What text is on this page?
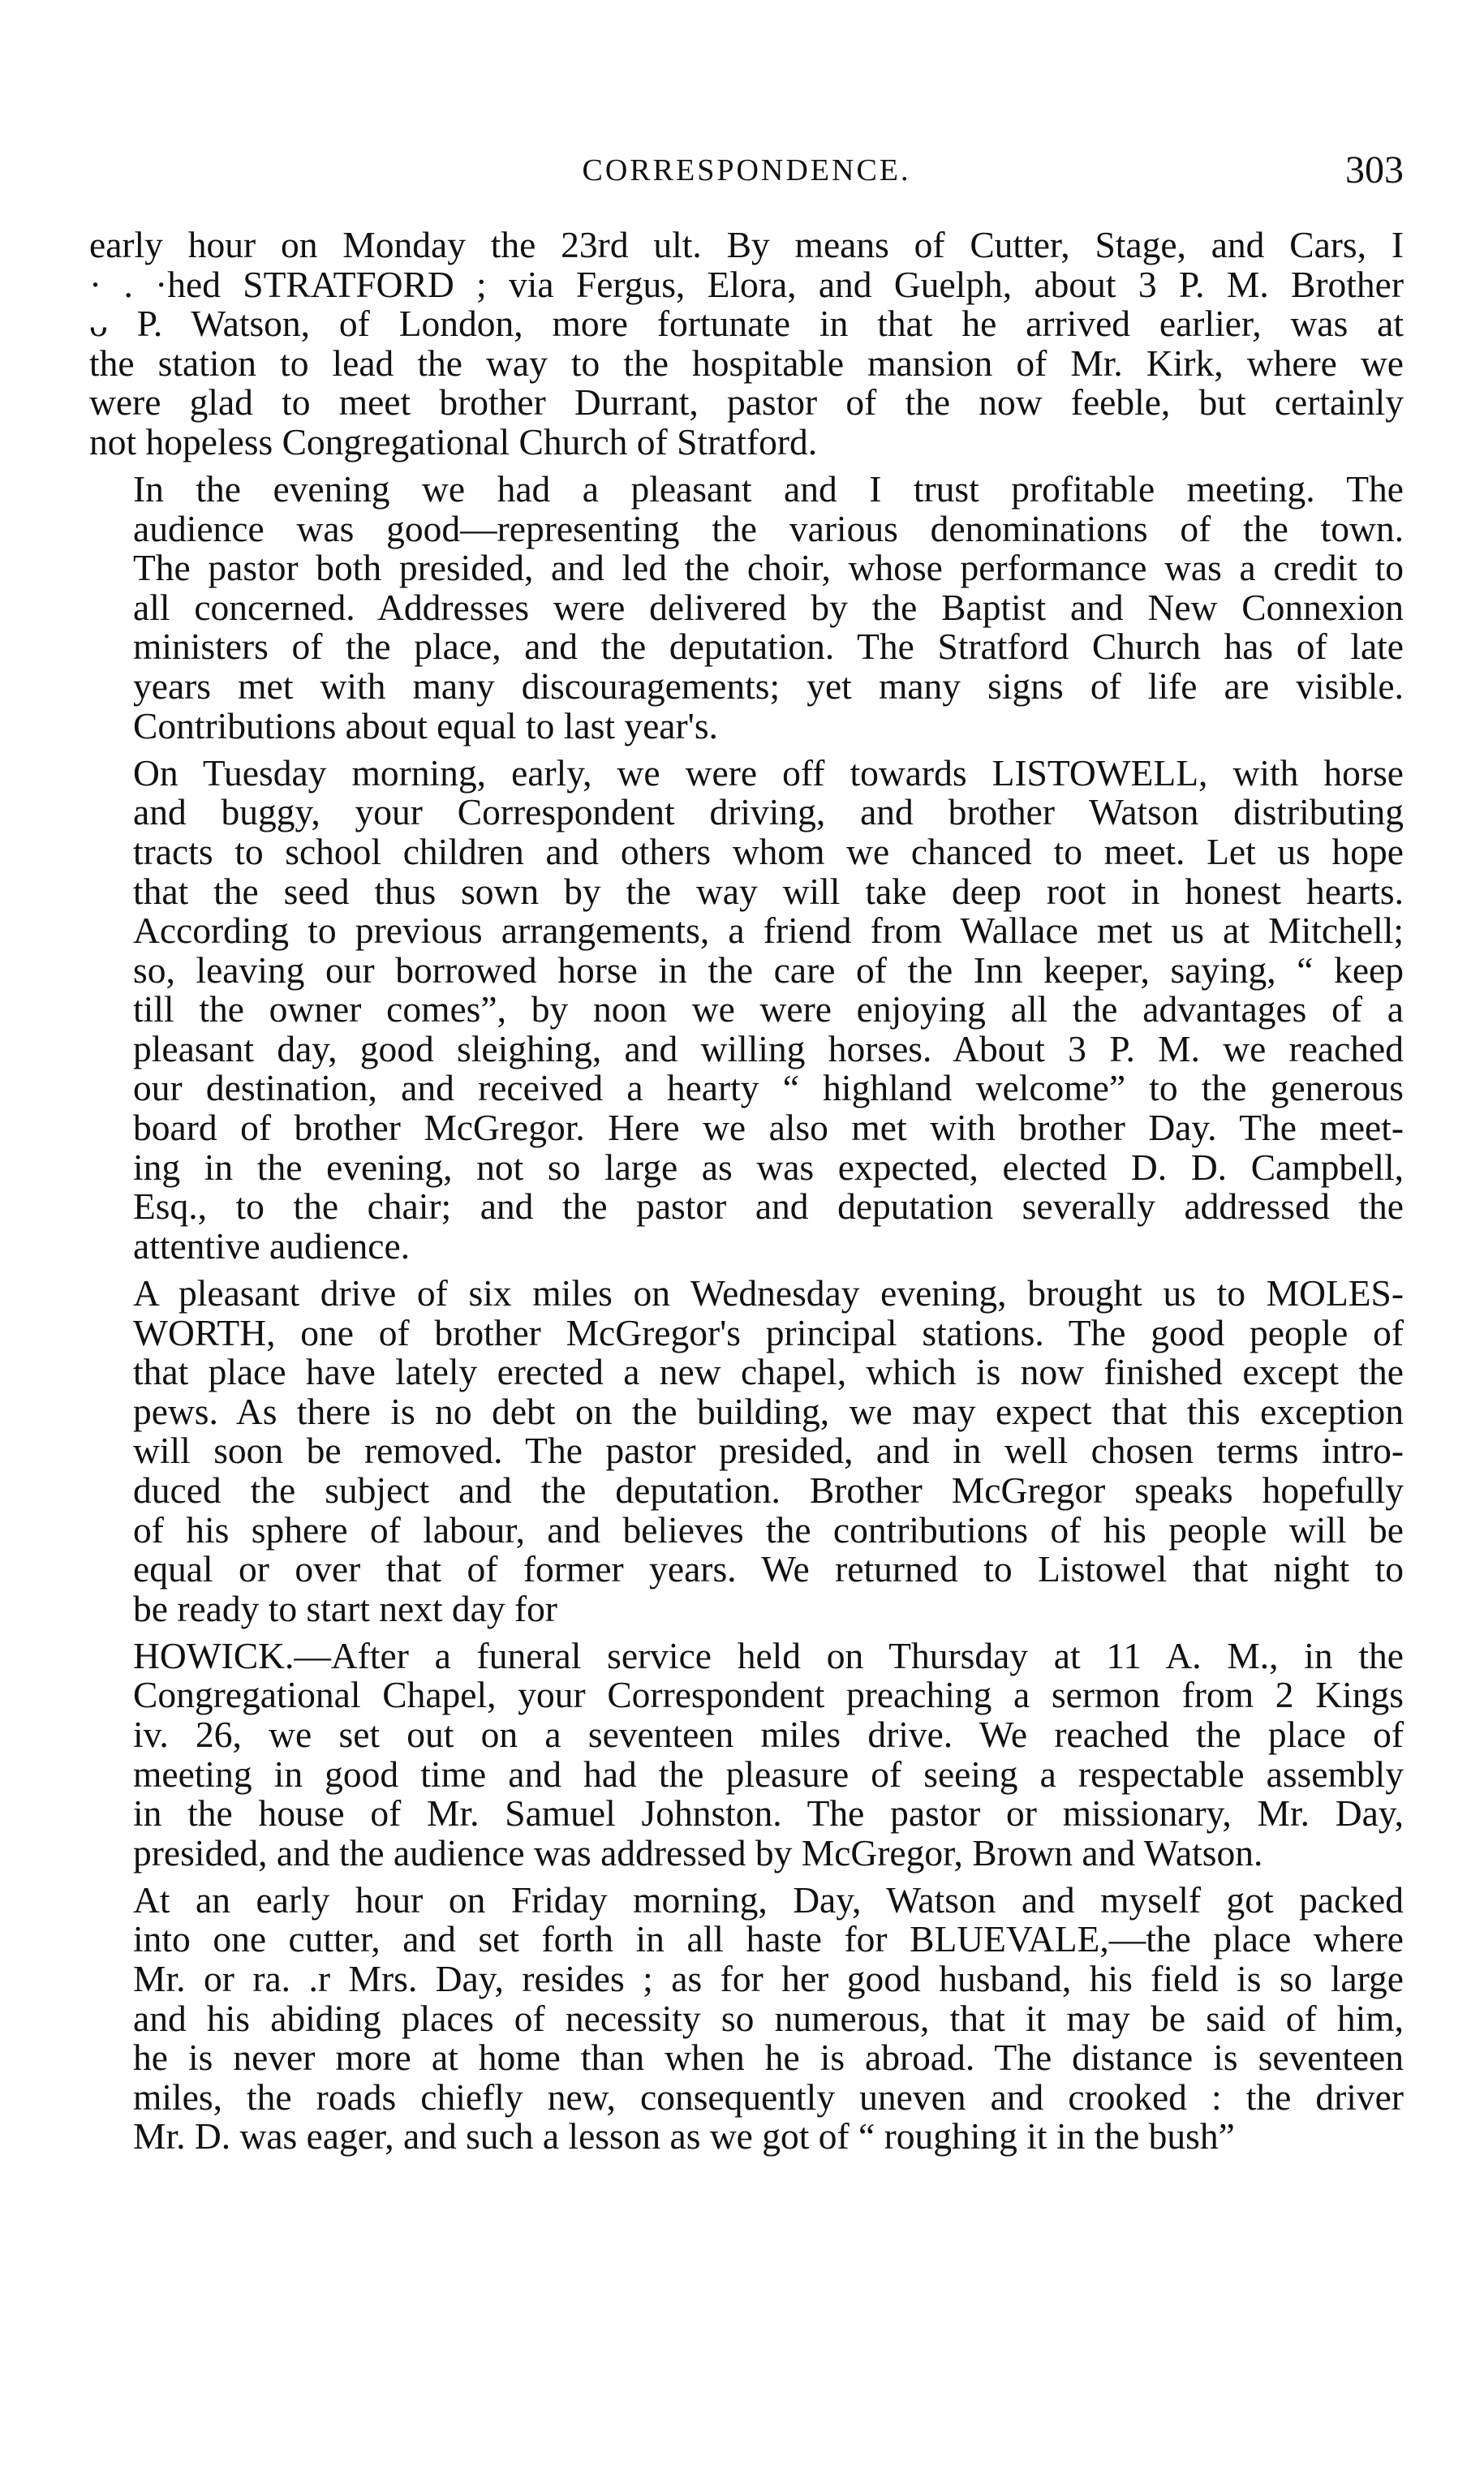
CORRESPONDENCE.	303
early hour on Monday the 23rd ult. By means of Cutter, Stage, and Cars, I
· . ·hed STRATFORD ; via Fergus, Elora, and Guelph, about 3 P. M. Brother
ᴗ P. Watson, of London, more fortunate in that he arrived earlier, was at
the station to lead the way to the hospitable mansion of Mr. Kirk, where we
were glad to meet brother Durrant, pastor of the now feeble, but certainly
not hopeless Congregational Church of Stratford.
In the evening we had a pleasant and I trust profitable meeting. The
audience was good—representing the various denominations of the town.
The pastor both presided, and led the choir, whose performance was a credit to
all concerned. Addresses were delivered by the Baptist and New Connexion
ministers of the place, and the deputation. The Stratford Church has of late
years met with many discouragements; yet many signs of life are visible.
Contributions about equal to last year's.
On Tuesday morning, early, we were off towards LISTOWELL, with horse
and buggy, your Correspondent driving, and brother Watson distributing
tracts to school children and others whom we chanced to meet. Let us hope
that the seed thus sown by the way will take deep root in honest hearts.
According to previous arrangements, a friend from Wallace met us at Mitchell;
so, leaving our borrowed horse in the care of the Inn keeper, saying, “ keep
till the owner comes”, by noon we were enjoying all the advantages of a
pleasant day, good sleighing, and willing horses. About 3 P. M. we reached
our destination, and received a hearty “ highland welcome” to the generous
board of brother McGregor. Here we also met with brother Day. The meet-
ing in the evening, not so large as was expected, elected D. D. Campbell,
Esq., to the chair; and the pastor and deputation severally addressed the
attentive audience.
A pleasant drive of six miles on Wednesday evening, brought us to MOLES-
WORTH, one of brother McGregor's principal stations. The good people of
that place have lately erected a new chapel, which is now finished except the
pews. As there is no debt on the building, we may expect that this exception
will soon be removed. The pastor presided, and in well chosen terms intro-
duced the subject and the deputation. Brother McGregor speaks hopefully
of his sphere of labour, and believes the contributions of his people will be
equal or over that of former years. We returned to Listowel that night to
be ready to start next day for
HOWICK.—After a funeral service held on Thursday at 11 A. M., in the
Congregational Chapel, your Correspondent preaching a sermon from 2 Kings
iv. 26, we set out on a seventeen miles drive. We reached the place of
meeting in good time and had the pleasure of seeing a respectable assembly
in the house of Mr. Samuel Johnston. The pastor or missionary, Mr. Day,
presided, and the audience was addressed by McGregor, Brown and Watson.
At an early hour on Friday morning, Day, Watson and myself got packed
into one cutter, and set forth in all haste for BLUEVALE,—the place where
Mr. or ra. .r Mrs. Day, resides ; as for her good husband, his field is so large
and his abiding places of necessity so numerous, that it may be said of him,
he is never more at home than when he is abroad. The distance is seventeen
miles, the roads chiefly new, consequently uneven and crooked : the driver
Mr. D. was eager, and such a lesson as we got of “ roughing it in the bush”
